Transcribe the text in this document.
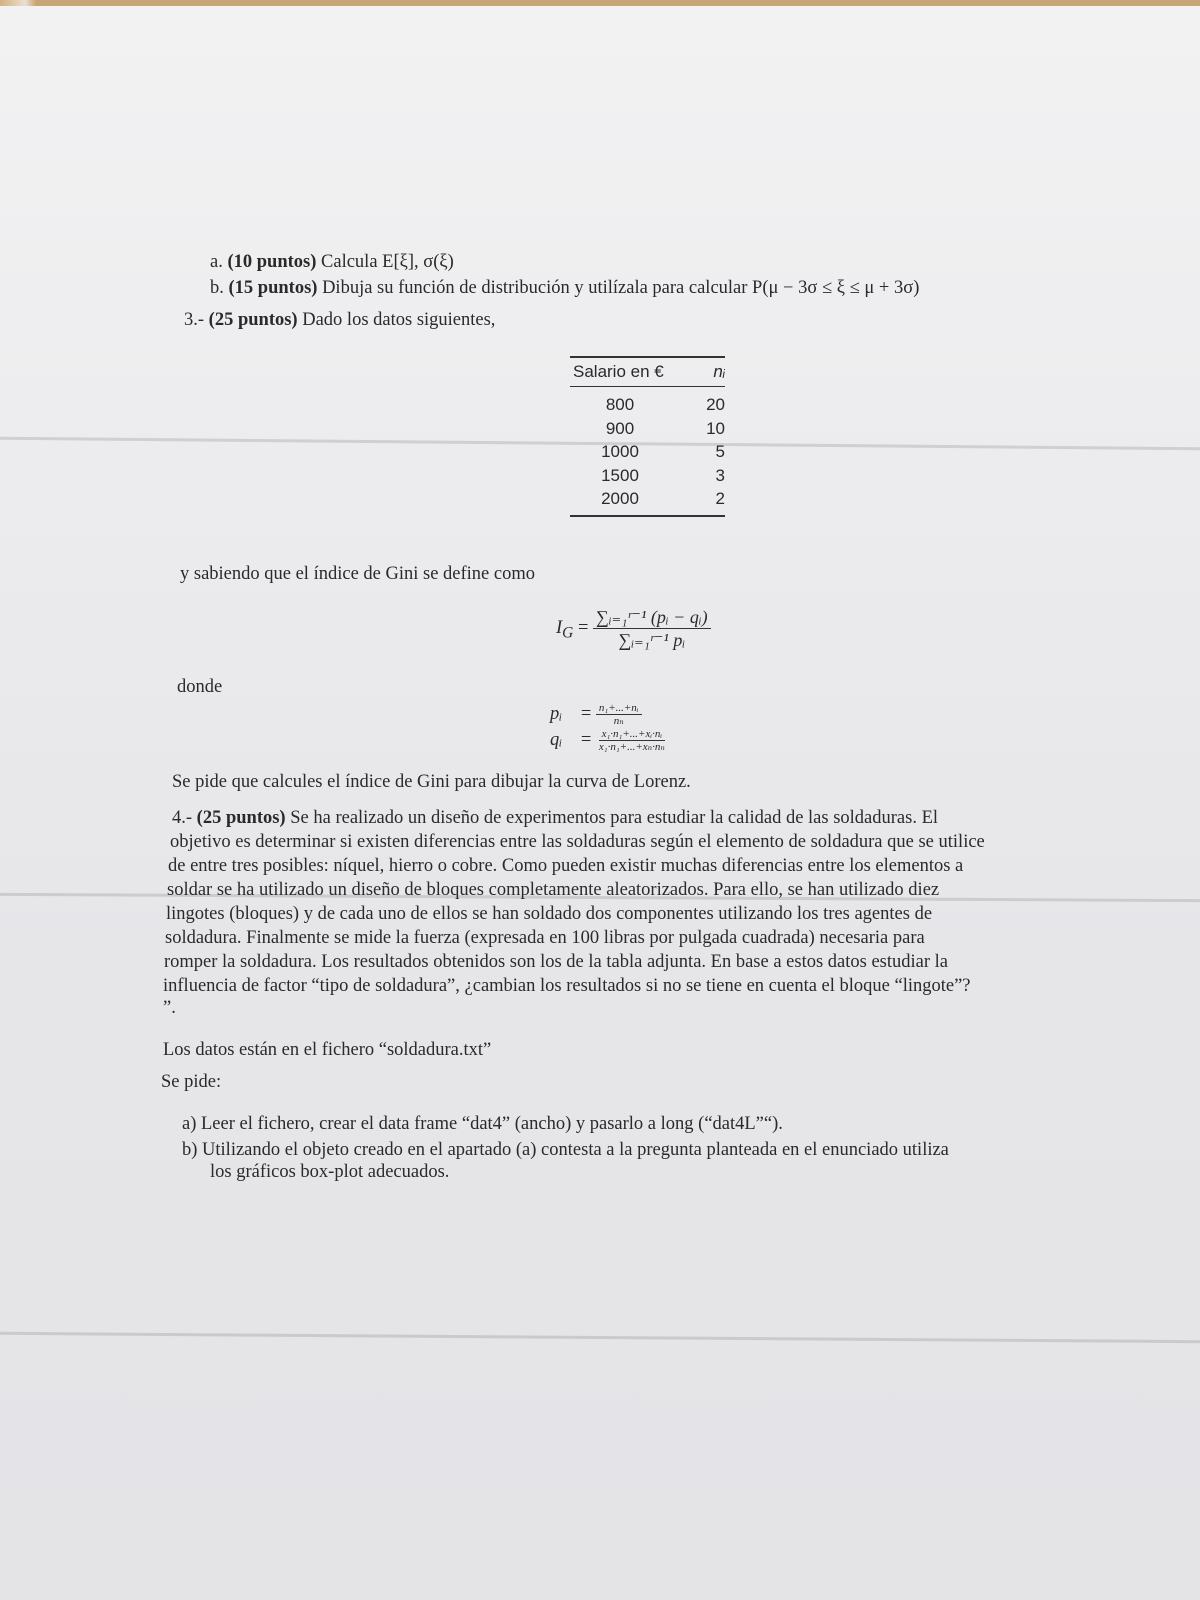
a. (10 puntos) Calcula E[ξ], σ(ξ)
b. (15 puntos) Dibuja su función de distribución y utilízala para calcular P(μ − 3σ ≤ ξ ≤ μ + 3σ)
3.- (25 puntos) Dado los datos siguientes,
Salario en €	nᵢ
800	20
900	10
1000	5
1500	3
2000	2
y sabiendo que el índice de Gini se define como
$I_G = \frac{\text{∑ᵢ₌₁ʳ⁻¹ (pᵢ − qᵢ)}}{\text{∑ᵢ₌₁ʳ⁻¹ pᵢ}}$
donde
pᵢ = $\frac{\text{n₁+...+nᵢ}}{\text{nₙ}}$
qᵢ = $\frac{\text{x₁·n₁+...+xᵢ·nᵢ}}{\text{x₁·n₁+...+xₙ·nₙ}}$
Se pide que calcules el índice de Gini para dibujar la curva de Lorenz.
4.- (25 puntos) Se ha realizado un diseño de experimentos para estudiar la calidad de las soldaduras. El
objetivo es determinar si existen diferencias entre las soldaduras según el elemento de soldadura que se utilice
de entre tres posibles: níquel, hierro o cobre. Como pueden existir muchas diferencias entre los elementos a
soldar se ha utilizado un diseño de bloques completamente aleatorizados. Para ello, se han utilizado diez
lingotes (bloques) y de cada uno de ellos se han soldado dos componentes utilizando los tres agentes de
soldadura. Finalmente se mide la fuerza (expresada en 100 libras por pulgada cuadrada) necesaria para
romper la soldadura. Los resultados obtenidos son los de la tabla adjunta. En base a estos datos estudiar la
influencia de factor “tipo de soldadura”, ¿cambian los resultados si no se tiene en cuenta el bloque “lingote”?
”.
Los datos están en el fichero “soldadura.txt”
Se pide:
a) Leer el fichero, crear el data frame “dat4” (ancho) y pasarlo a long (“dat4L”“).
b) Utilizando el objeto creado en el apartado (a) contesta a la pregunta planteada en el enunciado utiliza
los gráficos box-plot adecuados.
